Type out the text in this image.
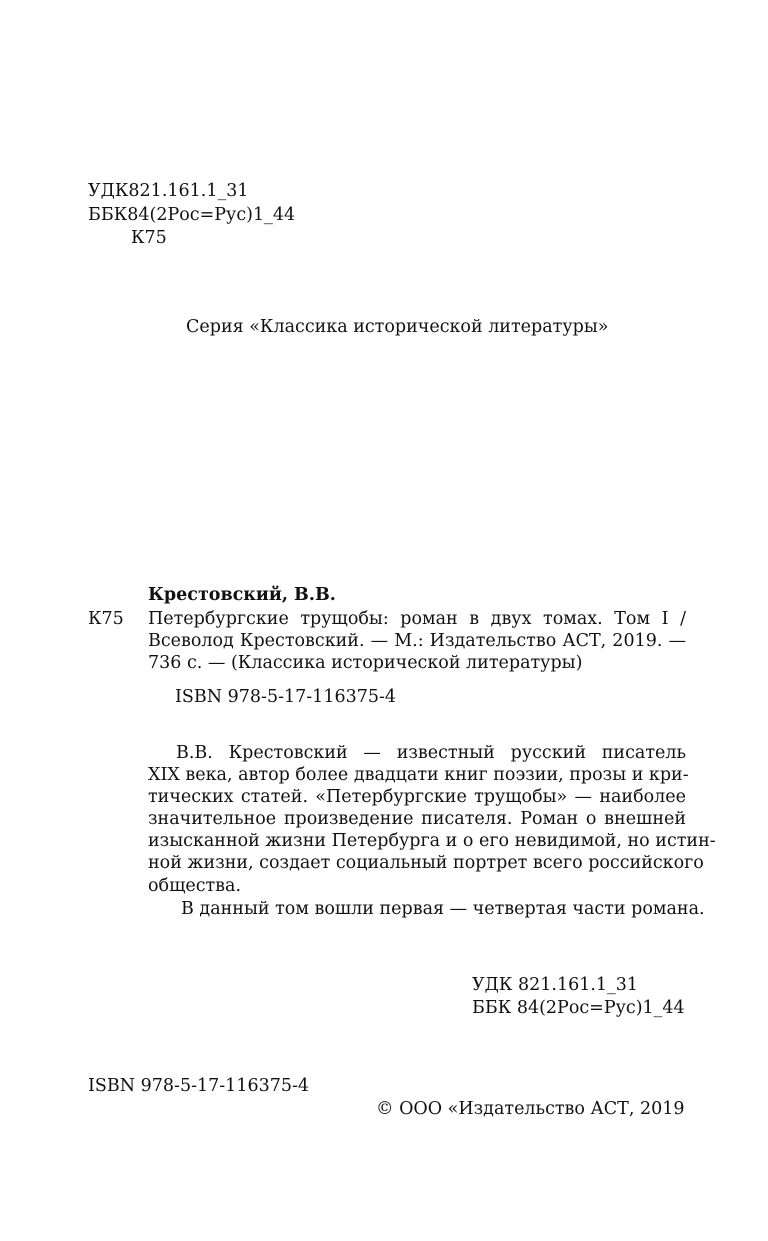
УДК821.161.1_31
ББК84(2Рос=Рус)1_44
К75
Серия «Классика исторической литературы»
Крестовский, В.В.
К75 Петербургские трущобы: роман в двух томах. Том I /
Всеволод Крестовский. — М.: Издательство АСТ, 2019. —
736 с. — (Классика исторической литературы)
ISBN 978-5-17-116375-4
В.В. Крестовский — известный русский писатель
XIX века, автор более двадцати книг поэзии, прозы и кри-
тических статей. «Петербургские трущобы» — наиболее
значительное произведение писателя. Роман о внешней
изысканной жизни Петербурга и о его невидимой, но истин-
ной жизни, создает социальный портрет всего российского
общества.
В данный том вошли первая — четвертая части романа.
УДК 821.161.1_31
ББК 84(2Рос=Рус)1_44
ISBN 978-5-17-116375-4
© ООО «Издательство АСТ, 2019
